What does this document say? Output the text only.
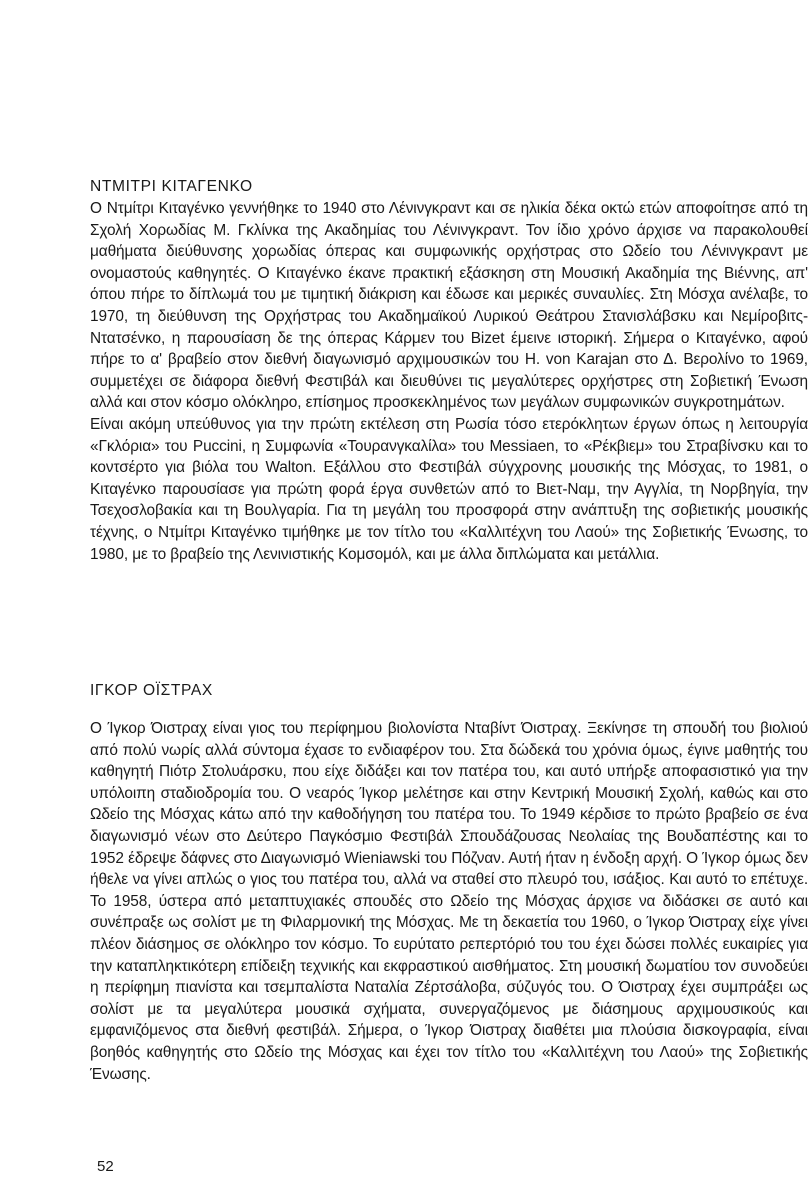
ΝΤΜΙΤΡΙ ΚΙΤΑΓΕΝΚΟ

Ο Ντμίτρι Κιταγένκο γεννήθηκε το 1940 στο Λένινγκραντ και σε ηλικία δέκα οκτώ ετών αποφοίτησε από τη Σχολή Χορωδίας Μ. Γκλίνκα της Ακαδημίας του Λένινγκραντ. Τον ίδιο χρόνο άρχισε να παρακολουθεί μαθήματα διεύθυνσης χορωδίας όπερας και συμφωνικής ορχήστρας στο Ωδείο του Λένινγκραντ με ονομαστούς καθηγητές. Ο Κιταγένκο έκανε πρακτική εξάσκηση στη Μουσική Ακαδημία της Βιέννης, απ' όπου πήρε το δίπλωμά του με τιμητική διάκριση και έδωσε και μερικές συναυλίες. Στη Μόσχα ανέλαβε, το 1970, τη διεύθυνση της Ορχήστρας του Ακαδημαϊκού Λυρικού Θεάτρου Στανισλάβσκυ και Νεμίροβιτς-Ντατσένκο, η παρουσίαση δε της όπερας Κάρμεν του Bizet έμεινε ιστορική. Σήμερα ο Κιταγένκο, αφού πήρε το α' βραβείο στον διεθνή διαγωνισμό αρχιμουσικών του H. von Karajan στο Δ. Βερολίνο το 1969, συμμετέχει σε διάφορα διεθνή Φεστιβάλ και διευθύνει τις μεγαλύτερες ορχήστρες στη Σοβιετική Ένωση αλλά και στον κόσμο ολόκληρο, επίσημος προσκεκλημένος των μεγάλων συμφωνικών συγκροτημάτων.

Είναι ακόμη υπεύθυνος για την πρώτη εκτέλεση στη Ρωσία τόσο ετερόκλητων έργων όπως η λειτουργία «Γκλόρια» του Puccini, η Συμφωνία «Τουρανγκαλίλα» του Messiaen, το «Ρέκβιεμ» του Στραβίνσκυ και το κοντσέρτο για βιόλα του Walton. Εξάλλου στο Φεστιβάλ σύγχρονης μουσικής της Μόσχας, το 1981, ο Κιταγένκο παρουσίασε για πρώτη φορά έργα συνθετών από το Βιετ-Ναμ, την Αγγλία, τη Νορβηγία, την Τσεχοσλοβακία και τη Βουλγαρία. Για τη μεγάλη του προσφορά στην ανάπτυξη της σοβιετικής μουσικής τέχνης, ο Ντμίτρι Κιταγένκο τιμήθηκε με τον τίτλο του «Καλλιτέχνη του Λαού» της Σοβιετικής Ένωσης, το 1980, με το βραβείο της Λενινιστικής Κομσομόλ, και με άλλα διπλώματα και μετάλλια.

ΙΓΚΟΡ ΟΪΣΤΡΑΧ

Ο Ίγκορ Όιστραχ είναι γιος του περίφημου βιολονίστα Νταβίντ Όιστραχ. Ξεκίνησε τη σπουδή του βιολιού από πολύ νωρίς αλλά σύντομα έχασε το ενδιαφέρον του. Στα δώδεκά του χρόνια όμως, έγινε μαθητής του καθηγητή Πιότρ Στολυάρσκυ, που είχε διδάξει και τον πατέρα του, και αυτό υπήρξε αποφασιστικό για την υπόλοιπη σταδιοδρομία του. Ο νεαρός Ίγκορ μελέτησε και στην Κεντρική Μουσική Σχολή, καθώς και στο Ωδείο της Μόσχας κάτω από την καθοδήγηση του πατέρα του. Το 1949 κέρδισε το πρώτο βραβείο σε ένα διαγωνισμό νέων στο Δεύτερο Παγκόσμιο Φεστιβάλ Σπουδάζουσας Νεολαίας της Βουδαπέστης και το 1952 έδρεψε δάφνες στο Διαγωνισμό Wieniawski του Πόζναν. Αυτή ήταν η ένδοξη αρχή. Ο Ίγκορ όμως δεν ήθελε να γίνει απλώς ο γιος του πατέρα του, αλλά να σταθεί στο πλευρό του, ισάξιος. Και αυτό το επέτυχε. Το 1958, ύστερα από μεταπτυχιακές σπουδές στο Ωδείο της Μόσχας άρχισε να διδάσκει σε αυτό και συνέπραξε ως σολίστ με τη Φιλαρμονική της Μόσχας. Με τη δεκαετία του 1960, ο Ίγκορ Όιστραχ είχε γίνει πλέον διάσημος σε ολόκληρο τον κόσμο. Το ευρύτατο ρεπερτόριό του του έχει δώσει πολλές ευκαιρίες για την καταπληκτικότερη επίδειξη τεχνικής και εκφραστικού αισθήματος. Στη μουσική δωματίου τον συνοδεύει η περίφημη πιανίστα και τσεμπαλίστα Ναταλία Ζέρτσάλοβα, σύζυγός του. Ο Όιστραχ έχει συμπράξει ως σολίστ με τα μεγαλύτερα μουσικά σχήματα, συνεργαζόμενος με διάσημους αρχιμουσικούς και εμφανιζόμενος στα διεθνή φεστιβάλ. Σήμερα, ο Ίγκορ Όιστραχ διαθέτει μια πλούσια δισκογραφία, είναι βοηθός καθηγητής στο Ωδείο της Μόσχας και έχει τον τίτλο του «Καλλιτέχνη του Λαού» της Σοβιετικής Ένωσης.

52
